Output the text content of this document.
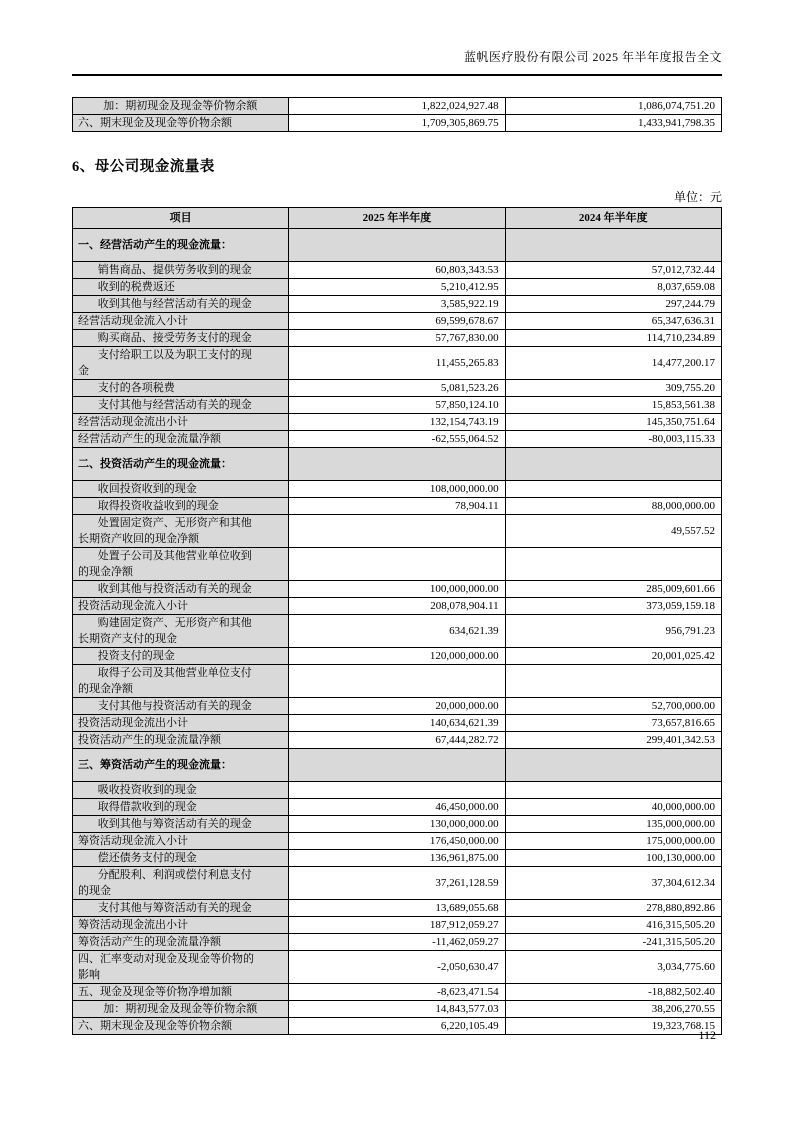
蓝帆医疗股份有限公司 2025 年半年度报告全文
加：期初现金及现金等价物余额	1,822,024,927.48	1,086,074,751.20
六、期末现金及现金等价物余额	1,709,305,869.75	1,433,941,798.35
6、母公司现金流量表
单位：元
项目	2025 年半年度	2024 年半年度
一、经营活动产生的现金流量：		
销售商品、提供劳务收到的现金	60,803,343.53	57,012,732.44
收到的税费返还	5,210,412.95	8,037,659.08
收到其他与经营活动有关的现金	3,585,922.19	297,244.79
经营活动现金流入小计	69,599,678.67	65,347,636.31
购买商品、接受劳务支付的现金	57,767,830.00	114,710,234.89
支付给职工以及为职工支付的现金	11,455,265.83	14,477,200.17
支付的各项税费	5,081,523.26	309,755.20
支付其他与经营活动有关的现金	57,850,124.10	15,853,561.38
经营活动现金流出小计	132,154,743.19	145,350,751.64
经营活动产生的现金流量净额	-62,555,064.52	-80,003,115.33
二、投资活动产生的现金流量：		
收回投资收到的现金	108,000,000.00	
取得投资收益收到的现金	78,904.11	88,000,000.00
处置固定资产、无形资产和其他长期资产收回的现金净额		49,557.52
处置子公司及其他营业单位收到的现金净额		
收到其他与投资活动有关的现金	100,000,000.00	285,009,601.66
投资活动现金流入小计	208,078,904.11	373,059,159.18
购建固定资产、无形资产和其他长期资产支付的现金	634,621.39	956,791.23
投资支付的现金	120,000,000.00	20,001,025.42
取得子公司及其他营业单位支付的现金净额		
支付其他与投资活动有关的现金	20,000,000.00	52,700,000.00
投资活动现金流出小计	140,634,621.39	73,657,816.65
投资活动产生的现金流量净额	67,444,282.72	299,401,342.53
三、筹资活动产生的现金流量：		
吸收投资收到的现金		
取得借款收到的现金	46,450,000.00	40,000,000.00
收到其他与筹资活动有关的现金	130,000,000.00	135,000,000.00
筹资活动现金流入小计	176,450,000.00	175,000,000.00
偿还债务支付的现金	136,961,875.00	100,130,000.00
分配股利、利润或偿付利息支付的现金	37,261,128.59	37,304,612.34
支付其他与筹资活动有关的现金	13,689,055.68	278,880,892.86
筹资活动现金流出小计	187,912,059.27	416,315,505.20
筹资活动产生的现金流量净额	-11,462,059.27	-241,315,505.20
四、汇率变动对现金及现金等价物的影响	-2,050,630.47	3,034,775.60
五、现金及现金等价物净增加额	-8,623,471.54	-18,882,502.40
加：期初现金及现金等价物余额	14,843,577.03	38,206,270.55
六、期末现金及现金等价物余额	6,220,105.49	19,323,768.15
112
